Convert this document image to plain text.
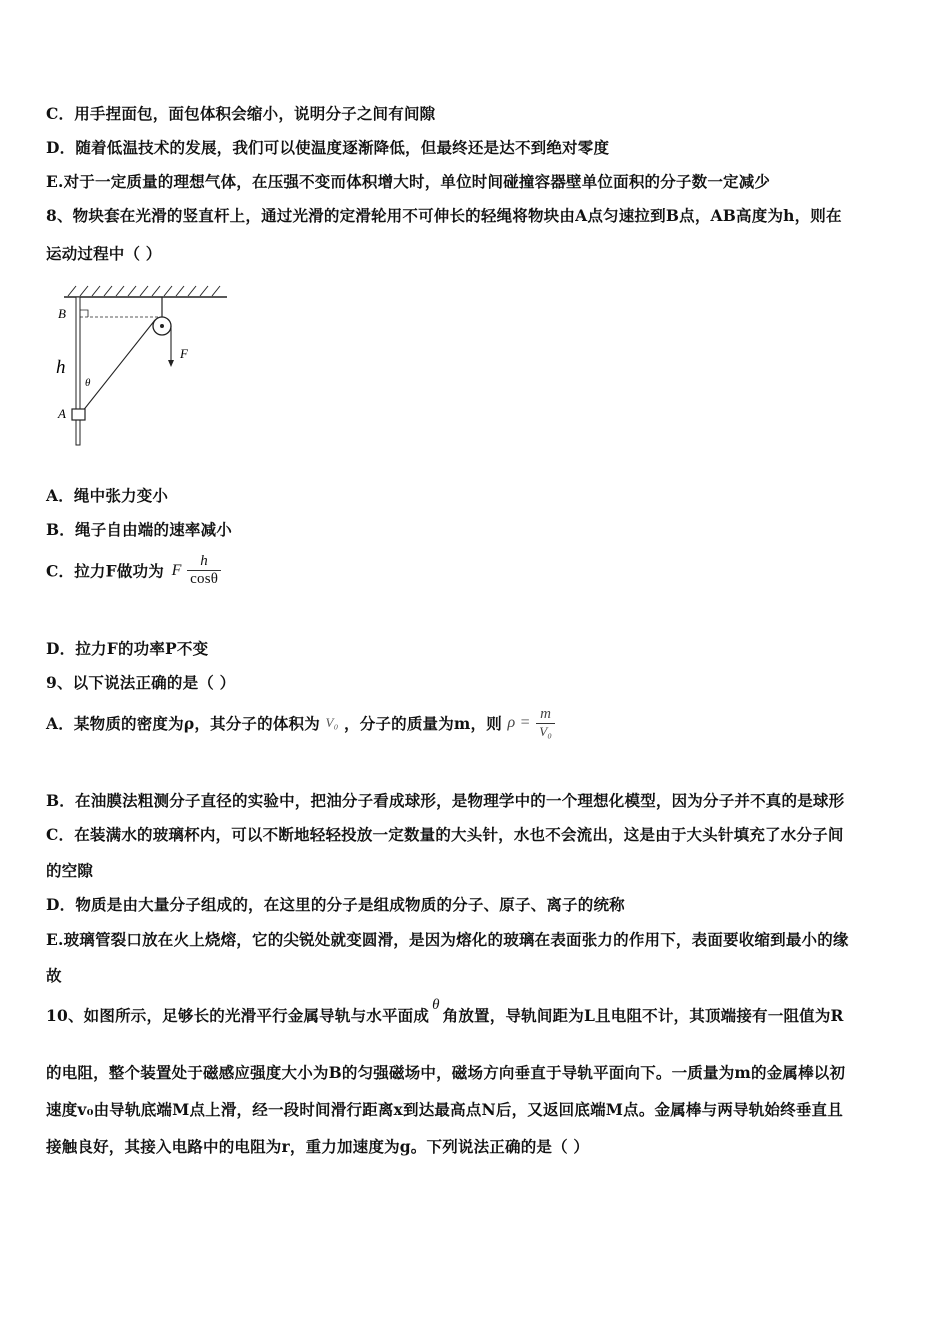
C．用手捏面包，面包体积会缩小，说明分子之间有间隙
D．随着低温技术的发展，我们可以使温度逐渐降低，但最终还是达不到绝对零度
E.对于一定质量的理想气体，在压强不变而体积增大时，单位时间碰撞容器壁单位面积的分子数一定减少
8、物块套在光滑的竖直杆上，通过光滑的定滑轮用不可伸长的轻绳将物块由A点匀速拉到B点，AB高度为h，则在
运动过程中（ ）
B
h
θ
A
F
A．绳中张力变小
B．绳子自由端的速率减小
C．拉力F做功为 F $\frac{h}{\cos\theta}$
D．拉力F的功率P不变
9、以下说法正确的是（ ）
A．某物质的密度为ρ，其分子的体积为 V₀ ，分子的质量为m，则 $\rho = \frac{m}{\text{V₀}}$
B．在油膜法粗测分子直径的实验中，把油分子看成球形，是物理学中的一个理想化模型，因为分子并不真的是球形
C．在装满水的玻璃杯内，可以不断地轻轻投放一定数量的大头针，水也不会流出，这是由于大头针填充了水分子间
的空隙
D．物质是由大量分子组成的，在这里的分子是组成物质的分子、原子、离子的统称
E.玻璃管裂口放在火上烧熔，它的尖锐处就变圆滑，是因为熔化的玻璃在表面张力的作用下，表面要收缩到最小的缘
故
10、如图所示，足够长的光滑平行金属导轨与水平面成θ角放置，导轨间距为L且电阻不计，其顶端接有一阻值为R
的电阻，整个装置处于磁感应强度大小为B的匀强磁场中，磁场方向垂直于导轨平面向下。一质量为m的金属棒以初
速度v₀由导轨底端M点上滑，经一段时间滑行距离x到达最高点N后，又返回底端M点。金属棒与两导轨始终垂直且
接触良好，其接入电路中的电阻为r，重力加速度为g。下列说法正确的是（ ）
